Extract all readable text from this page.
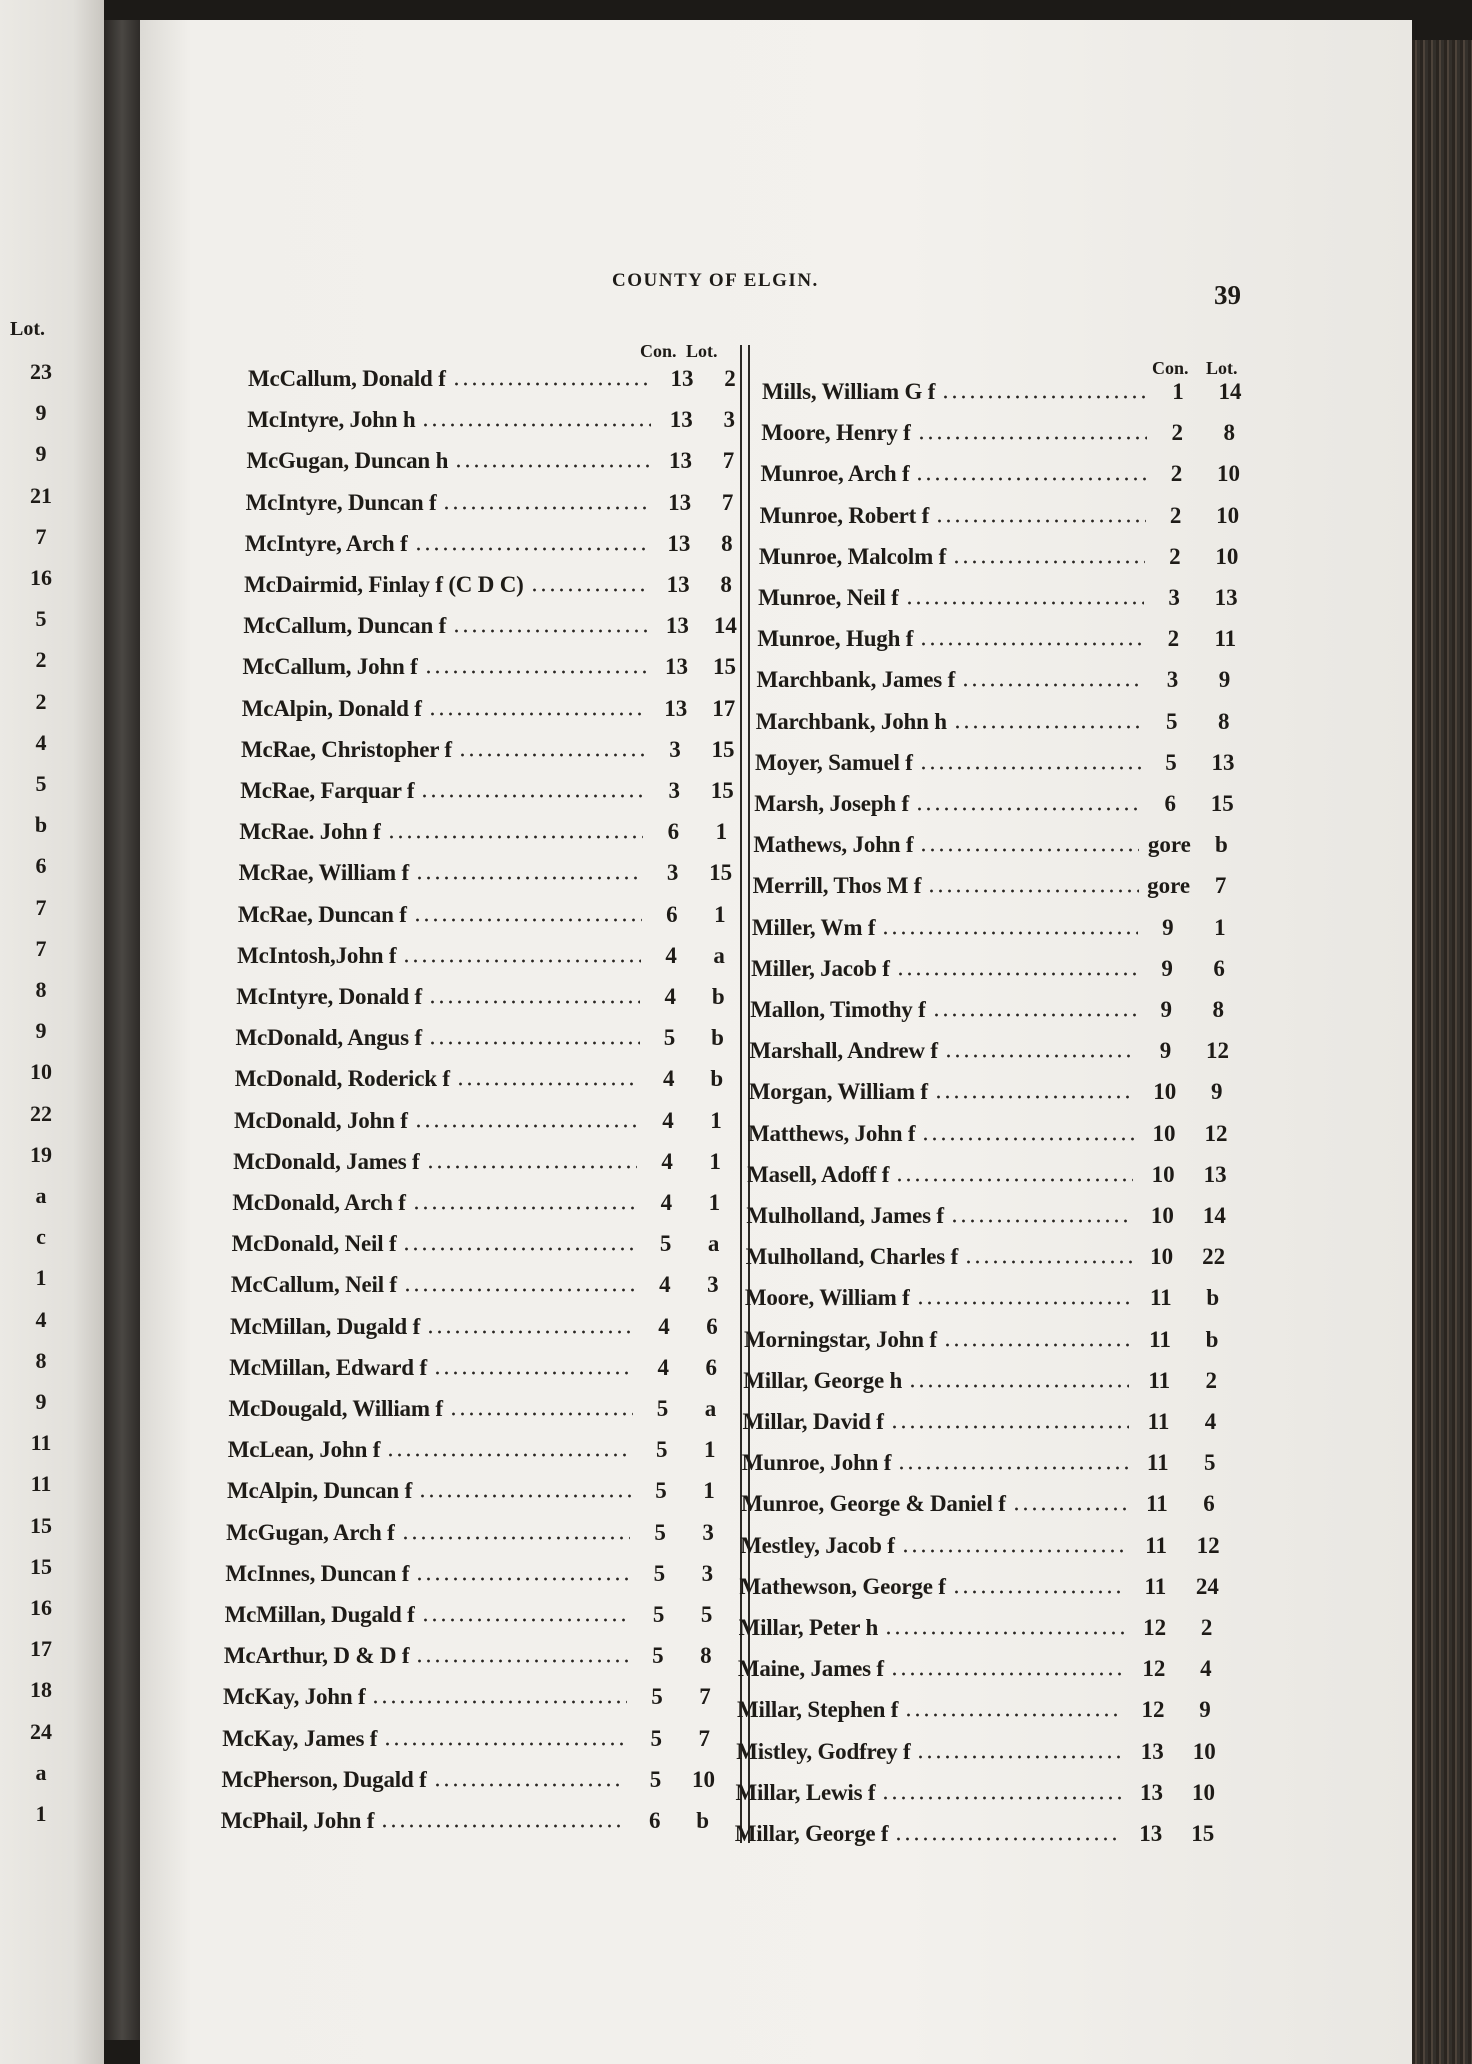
Lot.
23
9
9
21
7
16
5
2
2
4
5
b
6
7
7
8
9
10
22
19
a
c
1
4
8
9
11
11
15
15
16
17
18
24
a
1
COUNTY OF ELGIN.	39
Con. Lot.
Con. Lot.
McCallum, Donald f	13	2
McIntyre, John h	13	3
McGugan, Duncan h	13	7
McIntyre, Duncan f	13	7
McIntyre, Arch f	13	8
McDairmid, Finlay f (C D C)	13	8
McCallum, Duncan f	13	14
McCallum, John f	13	15
McAlpin, Donald f	13	17
McRae, Christopher f	3	15
McRae, Farquar f	3	15
McRae. John f	6	1
McRae, William f	3	15
McRae, Duncan f	6	1
McIntosh,John f	4	a
McIntyre, Donald f	4	b
McDonald, Angus f	5	b
McDonald, Roderick f	4	b
McDonald, John f	4	1
McDonald, James f	4	1
McDonald, Arch f	4	1
McDonald, Neil f	5	a
McCallum, Neil f	4	3
McMillan, Dugald f	4	6
McMillan, Edward f	4	6
McDougald, William f	5	a
McLean, John f	5	1
McAlpin, Duncan f	5	1
McGugan, Arch f	5	3
McInnes, Duncan f	5	3
McMillan, Dugald f	5	5
McArthur, D & D f	5	8
McKay, John f	5	7
McKay, James f	5	7
McPherson, Dugald f	5	10
McPhail, John f	6	b
Mills, William G f	1	14
Moore, Henry f	2	8
Munroe, Arch f	2	10
Munroe, Robert f	2	10
Munroe, Malcolm f	2	10
Munroe, Neil f	3	13
Munroe, Hugh f	2	11
Marchbank, James f	3	9
Marchbank, John h	5	8
Moyer, Samuel f	5	13
Marsh, Joseph f	6	15
Mathews, John f	gore	b
Merrill, Thos M f	gore	7
Miller, Wm f	9	1
Miller, Jacob f	9	6
Mallon, Timothy f	9	8
Marshall, Andrew f	9	12
Morgan, William f	10	9
Matthews, John f	10	12
Masell, Adoff f	10	13
Mulholland, James f	10	14
Mulholland, Charles f	10	22
Moore, William f	11	b
Morningstar, John f	11	b
Millar, George h	11	2
Millar, David f	11	4
Munroe, John f	11	5
Munroe, George & Daniel f	11	6
Mestley, Jacob f	11	12
Mathewson, George f	11	24
Millar, Peter h	12	2
Maine, James f	12	4
Millar, Stephen f	12	9
Mistley, Godfrey f	13	10
Millar, Lewis f	13	10
Millar, George f	13	15
